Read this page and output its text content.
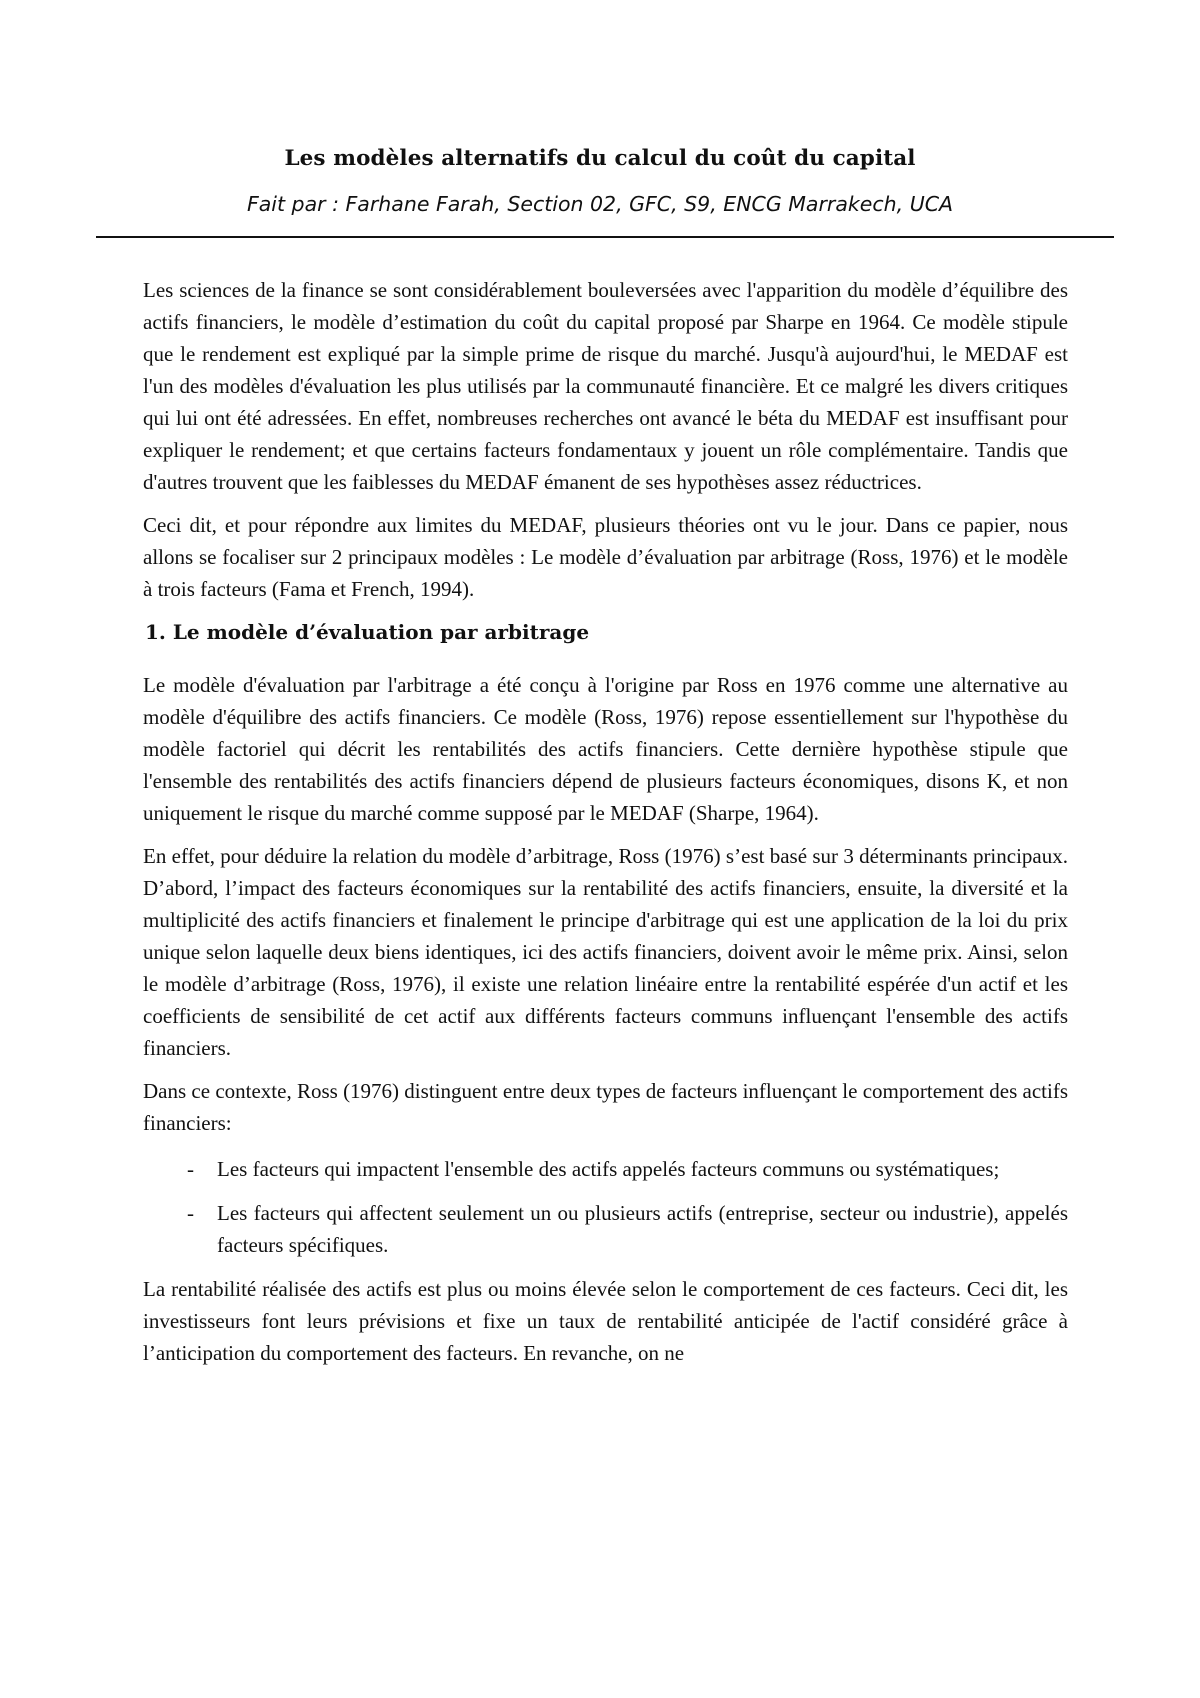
Les modèles alternatifs du calcul du coût du capital
Fait par : Farhane Farah, Section 02, GFC, S9, ENCG Marrakech, UCA

Les sciences de la finance se sont considérablement bouleversées avec l'apparition du modèle d’équilibre des actifs financiers, le modèle d’estimation du coût du capital proposé par Sharpe en 1964. Ce modèle stipule que le rendement est expliqué par la simple prime de risque du marché. Jusqu'à aujourd'hui, le MEDAF est l'un des modèles d'évaluation les plus utilisés par la communauté financière. Et ce malgré les divers critiques qui lui ont été adressées. En effet, nombreuses recherches ont avancé le béta du MEDAF est insuffisant pour expliquer le rendement; et que certains facteurs fondamentaux y jouent un rôle complémentaire. Tandis que d'autres trouvent que les faiblesses du MEDAF émanent de ses hypothèses assez réductrices.

Ceci dit, et pour répondre aux limites du MEDAF, plusieurs théories ont vu le jour. Dans ce papier, nous allons se focaliser sur 2 principaux modèles : Le modèle d’évaluation par arbitrage (Ross, 1976) et le modèle à trois facteurs (Fama et French, 1994).

1. Le modèle d’évaluation par arbitrage

Le modèle d'évaluation par l'arbitrage a été conçu à l'origine par Ross en 1976 comme une alternative au modèle d'équilibre des actifs financiers. Ce modèle (Ross, 1976) repose essentiellement sur l'hypothèse du modèle factoriel qui décrit les rentabilités des actifs financiers. Cette dernière hypothèse stipule que l'ensemble des rentabilités des actifs financiers dépend de plusieurs facteurs économiques, disons K, et non uniquement le risque du marché comme supposé par le MEDAF (Sharpe, 1964).

En effet, pour déduire la relation du modèle d’arbitrage, Ross (1976) s’est basé sur 3 déterminants principaux. D’abord, l’impact des facteurs économiques sur la rentabilité des actifs financiers, ensuite, la diversité et la multiplicité des actifs financiers et finalement le principe d'arbitrage qui est une application de la loi du prix unique selon laquelle deux biens identiques, ici des actifs financiers, doivent avoir le même prix. Ainsi, selon le modèle d’arbitrage (Ross, 1976), il existe une relation linéaire entre la rentabilité espérée d'un actif et les coefficients de sensibilité de cet actif aux différents facteurs communs influençant l'ensemble des actifs financiers.

Dans ce contexte, Ross (1976) distinguent entre deux types de facteurs influençant le comportement des actifs financiers:

- Les facteurs qui impactent l'ensemble des actifs appelés facteurs communs ou systématiques;
- Les facteurs qui affectent seulement un ou plusieurs actifs (entreprise, secteur ou industrie), appelés facteurs spécifiques.

La rentabilité réalisée des actifs est plus ou moins élevée selon le comportement de ces facteurs. Ceci dit, les investisseurs font leurs prévisions et fixe un taux de rentabilité anticipée de l'actif considéré grâce à l’anticipation du comportement des facteurs. En revanche, on ne
